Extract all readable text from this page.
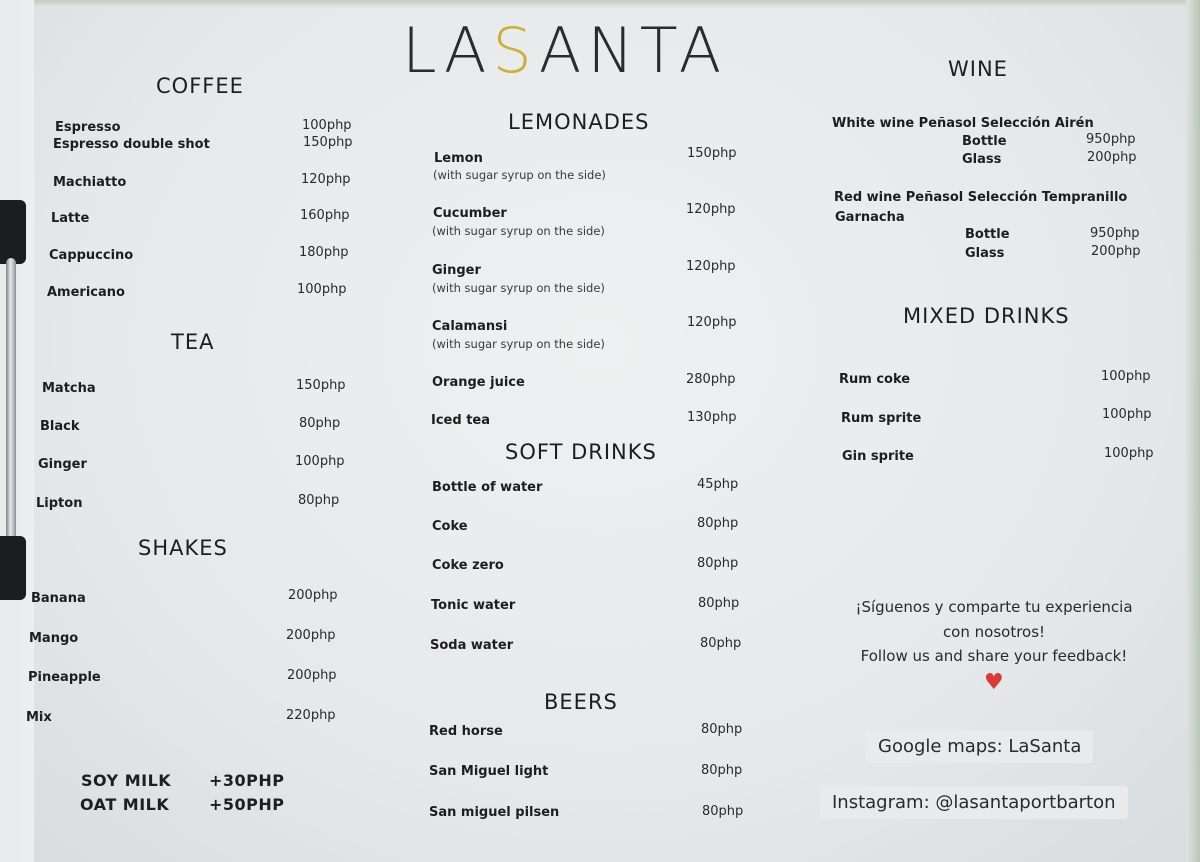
LASANTA
COFFEE
Espresso	100php
Espresso double shot	150php
Machiatto	120php
Latte	160php
Cappuccino	180php
Americano	100php
TEA
Matcha	150php
Black	80php
Ginger	100php
Lipton	80php
SHAKES
Banana	200php
Mango	200php
Pineapple	200php
Mix	220php
SOY MILK +30PHP
OAT MILK +50PHP
LEMONADES
Lemon
(with sugar syrup on the side)
150php
Cucumber
(with sugar syrup on the side)
120php
Ginger
(with sugar syrup on the side)
120php
Calamansi
(with sugar syrup on the side)
120php
Orange juice	280php
Iced tea	130php
SOFT DRINKS
Bottle of water	45php
Coke	80php
Coke zero	80php
Tonic water	80php
Soda water	80php
BEERS
Red horse	80php
San Miguel light	80php
San miguel pilsen	80php
WINE
White wine Peñasol Selección Airén
Bottle	950php
Glass	200php
Red wine Peñasol Selección Tempranillo
Garnacha
Bottle	950php
Glass	200php
MIXED DRINKS
Rum coke	100php
Rum sprite	100php
Gin sprite	100php
¡Síguenos y comparte tu experiencia
con nosotros!
Follow us and share your feedback!
♥
Google maps: LaSanta
Instagram: @lasantaportbarton
